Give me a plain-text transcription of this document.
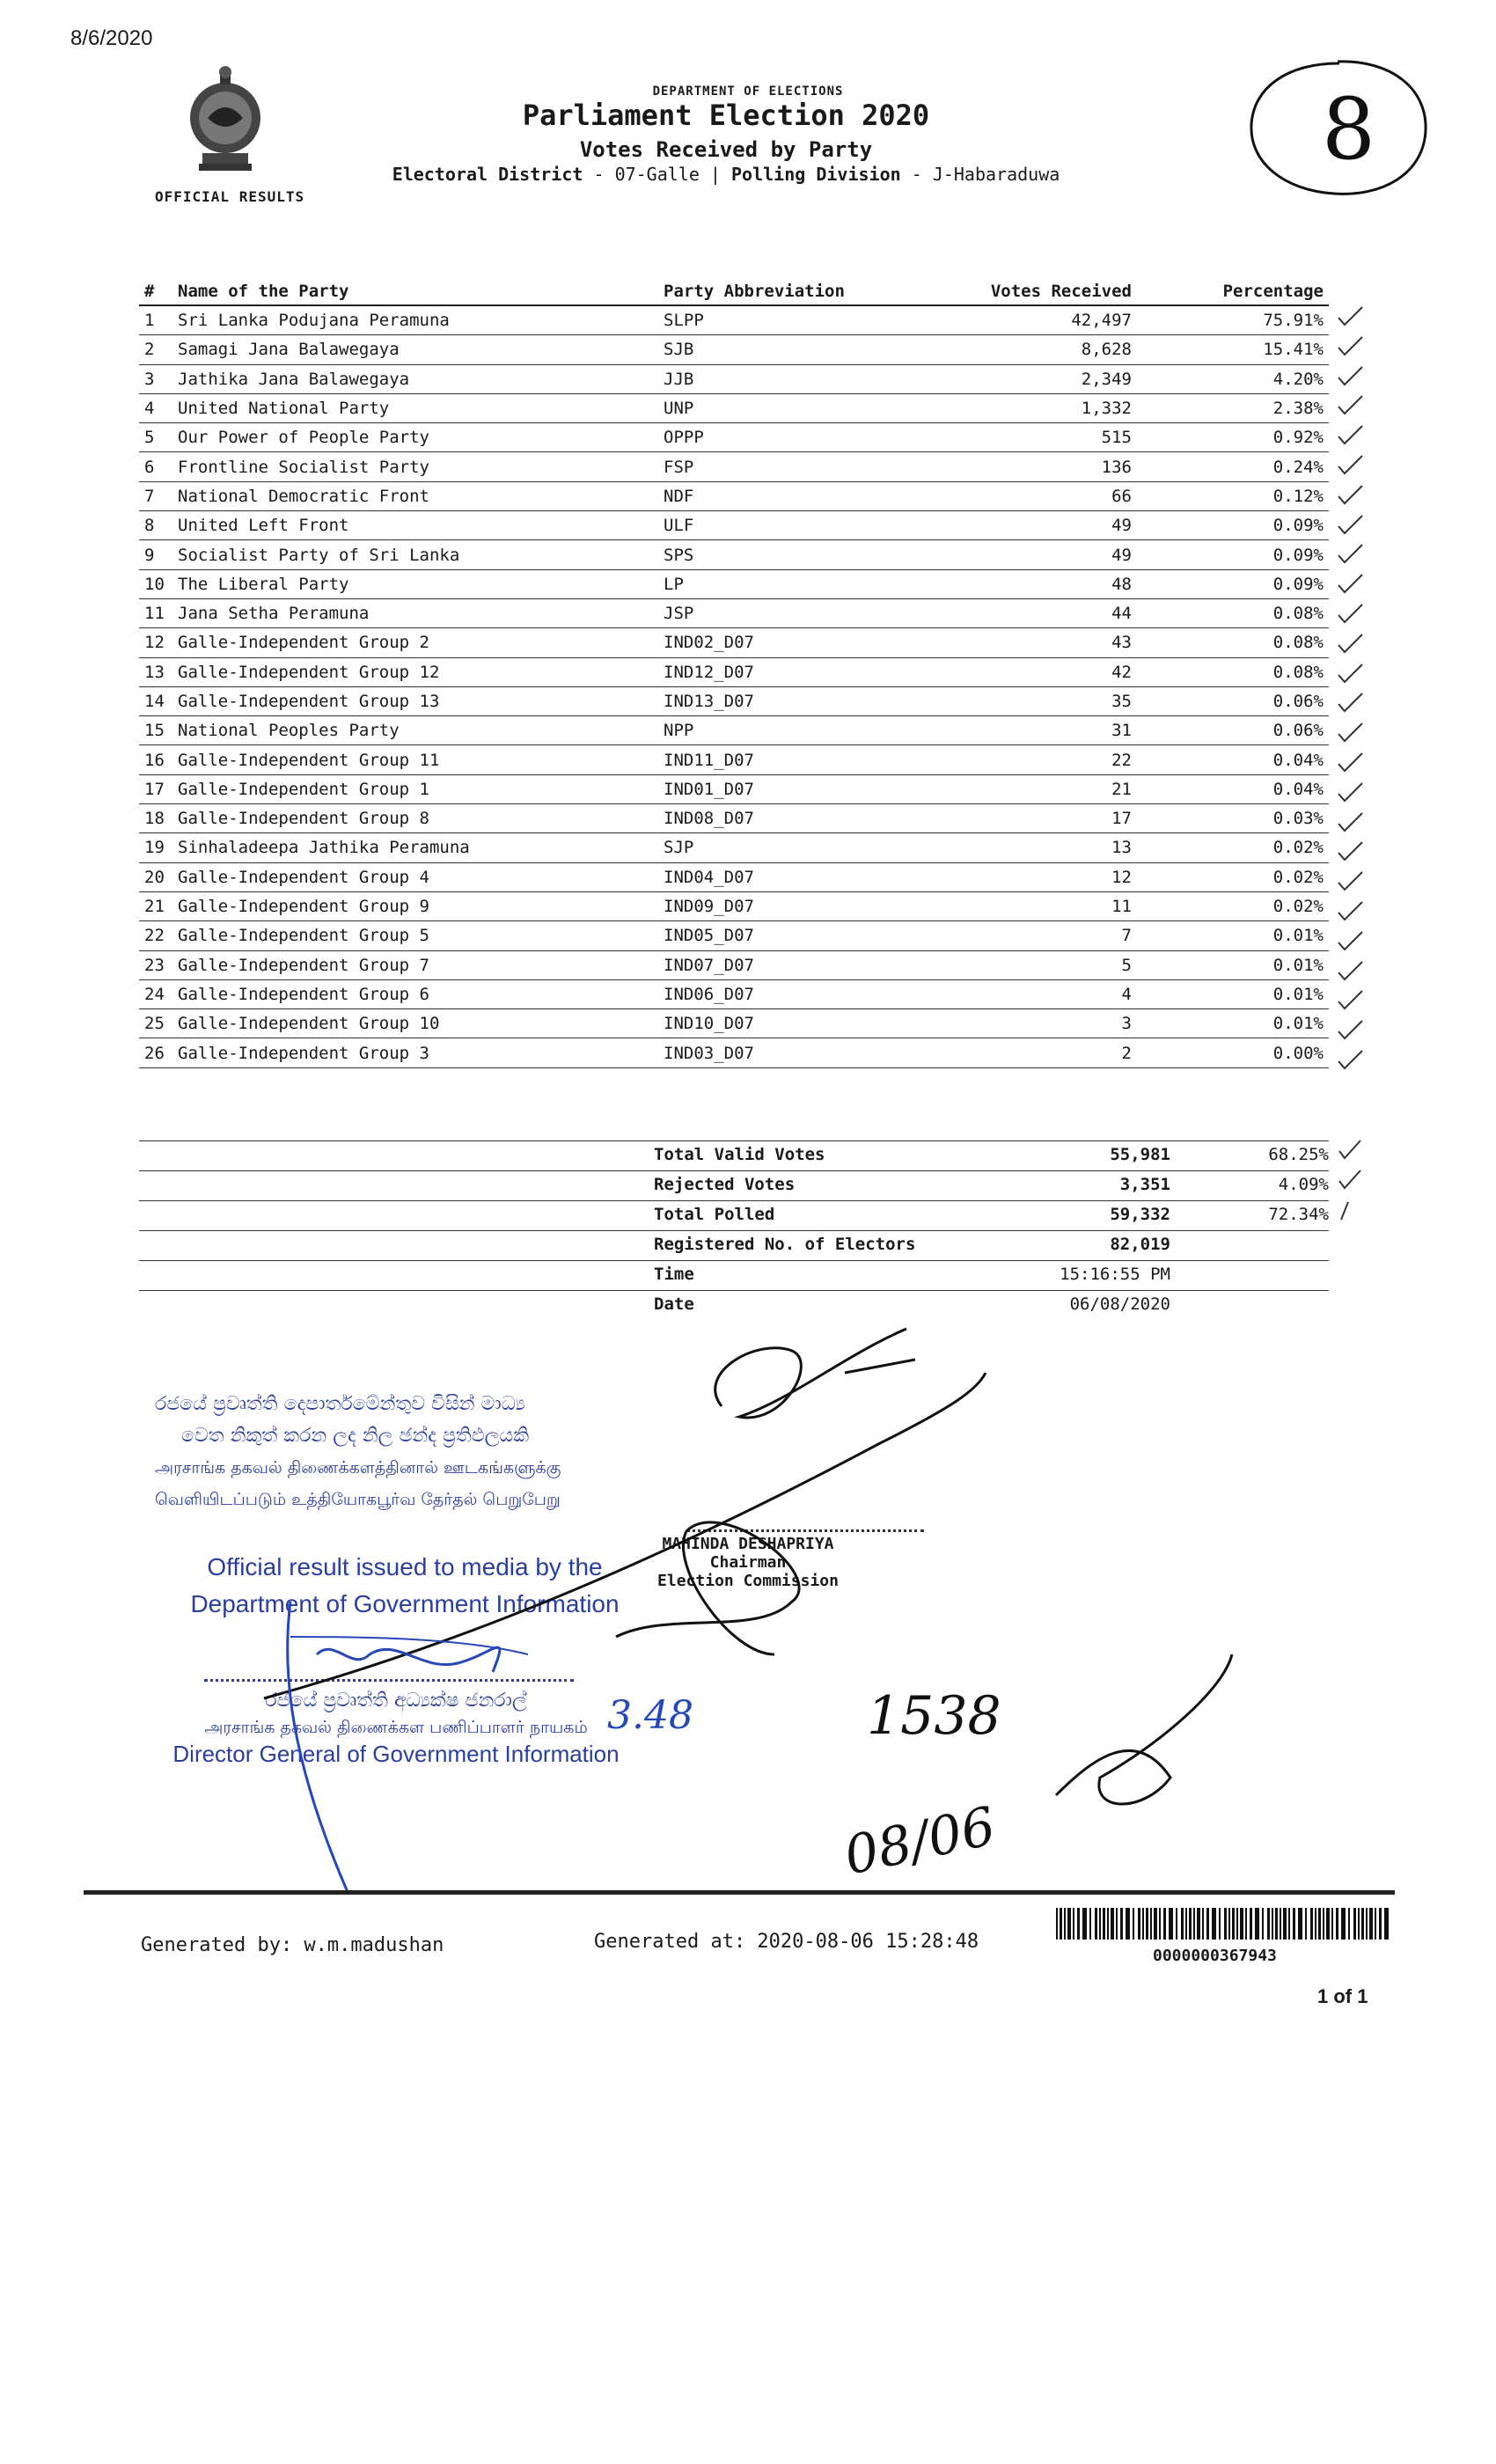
8/6/2020
OFFICIAL RESULTS
DEPARTMENT OF ELECTIONS
Parliament Election 2020
Votes Received by Party
Electoral District - 07-Galle | Polling Division - J-Habaraduwa	8
#	Name of the Party	Party Abbreviation	Votes Received	Percentage
1	Sri Lanka Podujana Peramuna	SLPP	42,497	75.91%
2	Samagi Jana Balawegaya	SJB	8,628	15.41%
3	Jathika Jana Balawegaya	JJB	2,349	4.20%
4	United National Party	UNP	1,332	2.38%
5	Our Power of People Party	OPPP	515	0.92%
6	Frontline Socialist Party	FSP	136	0.24%
7	National Democratic Front	NDF	66	0.12%
8	United Left Front	ULF	49	0.09%
9	Socialist Party of Sri Lanka	SPS	49	0.09%
10	The Liberal Party	LP	48	0.09%
11	Jana Setha Peramuna	JSP	44	0.08%
12	Galle-Independent Group 2	IND02_D07	43	0.08%
13	Galle-Independent Group 12	IND12_D07	42	0.08%
14	Galle-Independent Group 13	IND13_D07	35	0.06%
15	National Peoples Party	NPP	31	0.06%
16	Galle-Independent Group 11	IND11_D07	22	0.04%
17	Galle-Independent Group 1	IND01_D07	21	0.04%
18	Galle-Independent Group 8	IND08_D07	17	0.03%
19	Sinhaladeepa Jathika Peramuna	SJP	13	0.02%
20	Galle-Independent Group 4	IND04_D07	12	0.02%
21	Galle-Independent Group 9	IND09_D07	11	0.02%
22	Galle-Independent Group 5	IND05_D07	7	0.01%
23	Galle-Independent Group 7	IND07_D07	5	0.01%
24	Galle-Independent Group 6	IND06_D07	4	0.01%
25	Galle-Independent Group 10	IND10_D07	3	0.01%
26	Galle-Independent Group 3	IND03_D07	2	0.00%
Total Valid Votes	55,981	68.25%
Rejected Votes	3,351	4.09%
Total Polled	59,332	72.34%
Registered No. of Electors	82,019
Time	15:16:55 PM
Date	06/08/2020
රජයේ ප්‍රවෘත්ති දෙපාර්තමේන්තුව විසින් මාධ්‍ය
වෙත නිකුත් කරන ලද නිල ඡන්ද ප්‍රතිඵලයකි
அரசாங்க தகவல் திணைக்களத்தினால் ஊடகங்களுக்கு
வெளியிடப்படும் உத்தியோகபூர்வ தேர்தல் பெறுபேறு
Official result issued to media by the
Department of Government Information
MAHINDA DESHAPRIYA
Chairman
Election Commission
රජයේ ප්‍රවෘත්ති අධ්‍යක්ෂ ජනරාල්
அரசாங்க தகவல் திணைக்கள பணிப்பாளர் நாயகம்
Director General of Government Information
3.48	1538
08/06
Generated by: w.m.madushan	Generated at: 2020-08-06 15:28:48
0000000367943
1 of 1
